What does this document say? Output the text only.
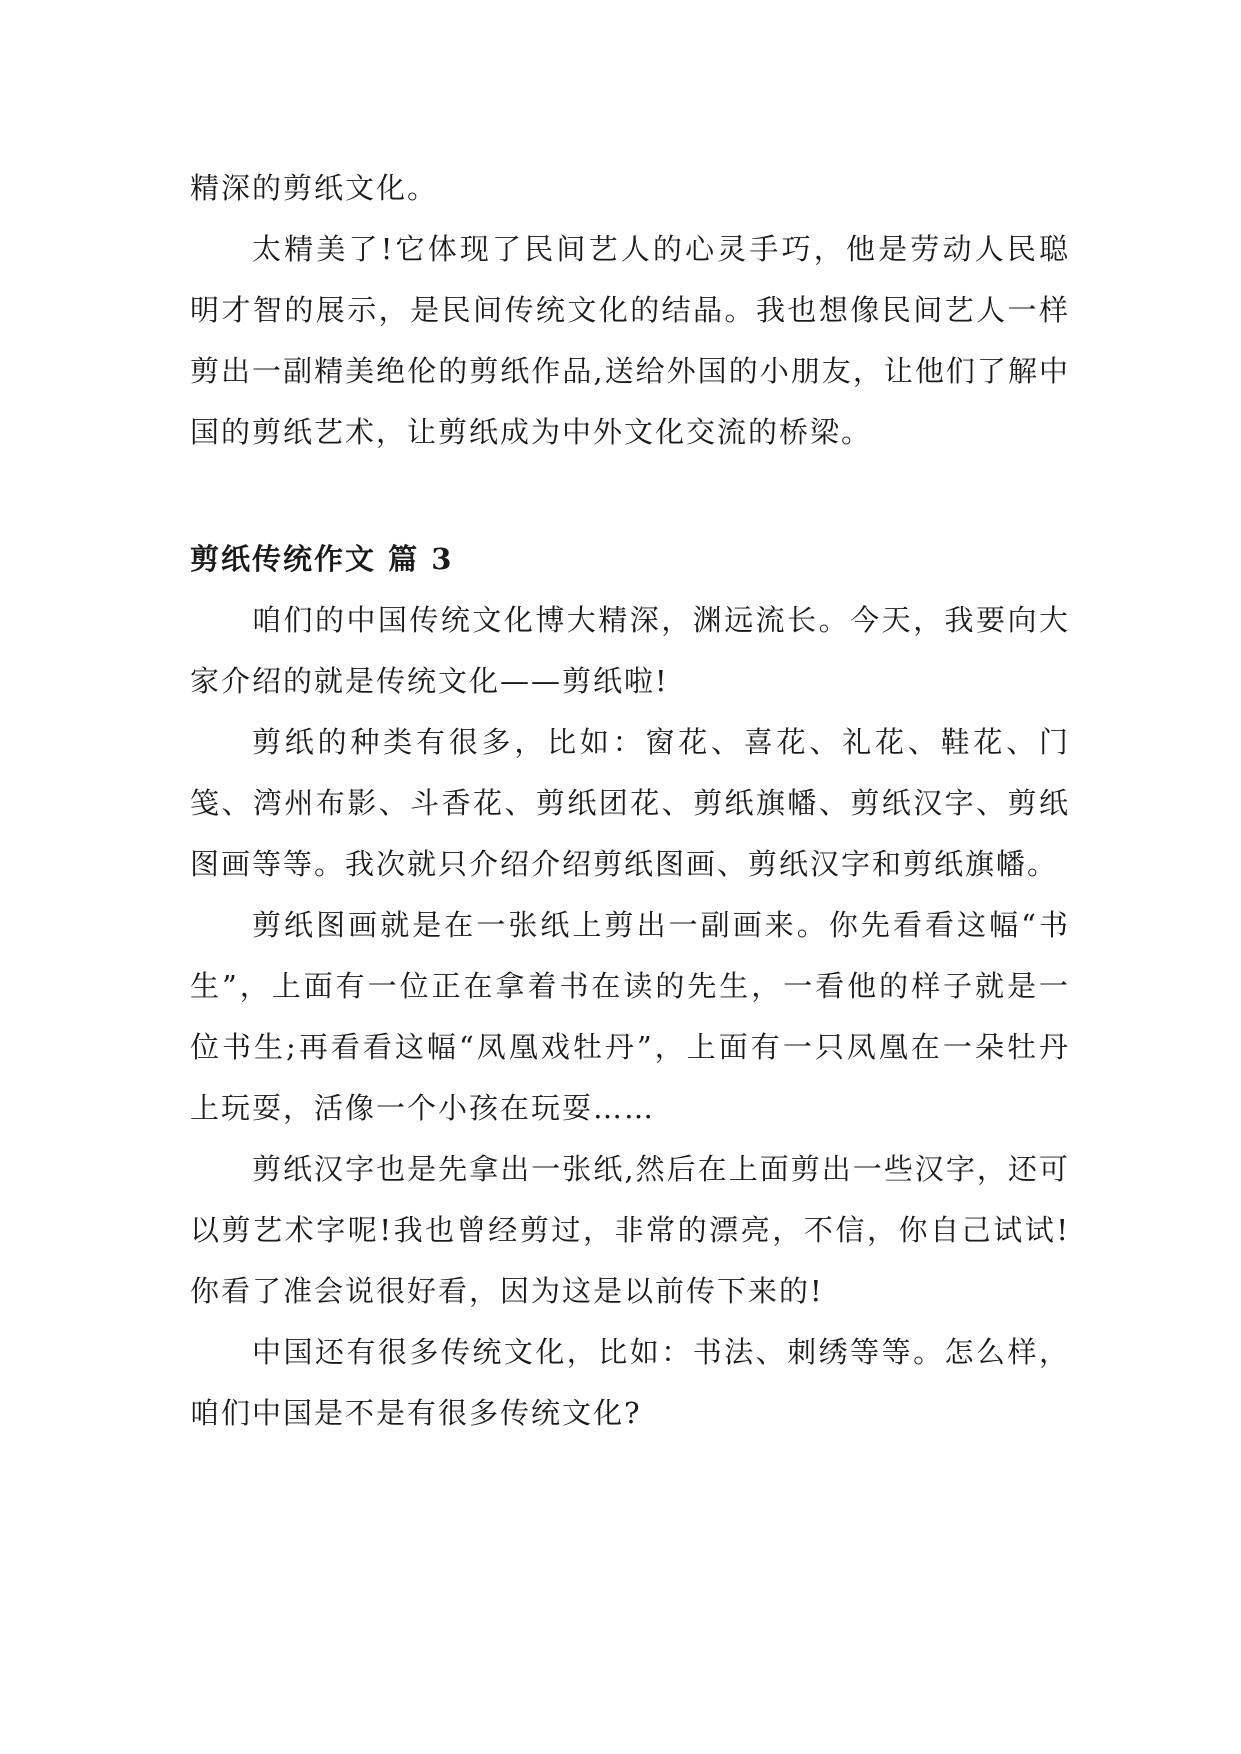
精深的剪纸文化。

太精美了!它体现了民间艺人的心灵手巧，他是劳动人民聪明才智的展示，是民间传统文化的结晶。我也想像民间艺人一样剪出一副精美绝伦的剪纸作品,送给外国的小朋友，让他们了解中国的剪纸艺术，让剪纸成为中外文化交流的桥梁。

剪纸传统作文 篇 3

咱们的中国传统文化博大精深，渊远流长。今天，我要向大家介绍的就是传统文化——剪纸啦!

剪纸的种类有很多，比如：窗花、喜花、礼花、鞋花、门笺、湾州布影、斗香花、剪纸团花、剪纸旗幡、剪纸汉字、剪纸图画等等。我次就只介绍介绍剪纸图画、剪纸汉字和剪纸旗幡。

剪纸图画就是在一张纸上剪出一副画来。你先看看这幅“书生”，上面有一位正在拿着书在读的先生，一看他的样子就是一位书生;再看看这幅“凤凰戏牡丹”，上面有一只凤凰在一朵牡丹上玩耍，活像一个小孩在玩耍……

剪纸汉字也是先拿出一张纸,然后在上面剪出一些汉字，还可以剪艺术字呢!我也曾经剪过，非常的漂亮，不信，你自己试试!你看了准会说很好看，因为这是以前传下来的!

中国还有很多传统文化，比如：书法、刺绣等等。怎么样，咱们中国是不是有很多传统文化?
